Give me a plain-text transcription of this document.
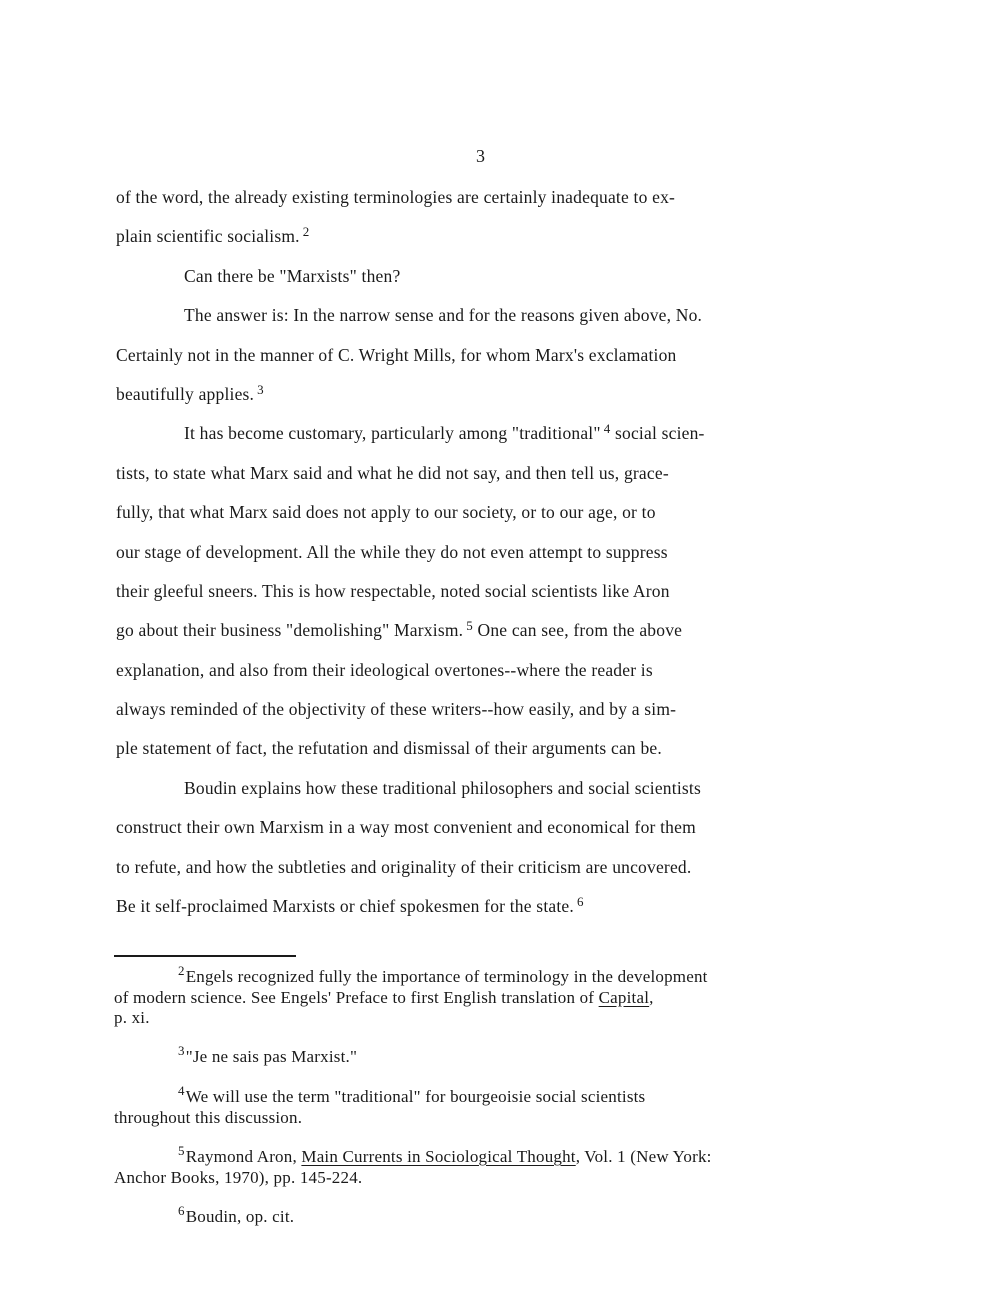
3
of the word, the already existing terminologies are certainly inadequate to ex-
plain scientific socialism. $^2$
Can there be "Marxists" then?
The answer is: In the narrow sense and for the reasons given above, No.
Certainly not in the manner of C. Wright Mills, for whom Marx's exclamation
beautifully applies. $^3$
It has become customary, particularly among "traditional" $^4$ social scien-
tists, to state what Marx said and what he did not say, and then tell us, grace-
fully, that what Marx said does not apply to our society, or to our age, or to
our stage of development. All the while they do not even attempt to suppress
their gleeful sneers. This is how respectable, noted social scientists like Aron
go about their business "demolishing" Marxism. $^5$ One can see, from the above
explanation, and also from their ideological overtones--where the reader is
always reminded of the objectivity of these writers--how easily, and by a sim-
ple statement of fact, the refutation and dismissal of their arguments can be.
Boudin explains how these traditional philosophers and social scientists
construct their own Marxism in a way most convenient and economical for them
to refute, and how the subtleties and originality of their criticism are uncovered.
Be it self-proclaimed Marxists or chief spokesmen for the state. $^6$
$^2$Engels recognized fully the importance of terminology in the development
of modern science. See Engels' Preface to first English translation of Capital,
p. xi.
$^3$"Je ne sais pas Marxist."
$^4$We will use the term "traditional" for bourgeoisie social scientists
throughout this discussion.
$^5$Raymond Aron, Main Currents in Sociological Thought, Vol. 1 (New York:
Anchor Books, 1970), pp. 145-224.
$^6$Boudin, op. cit.
